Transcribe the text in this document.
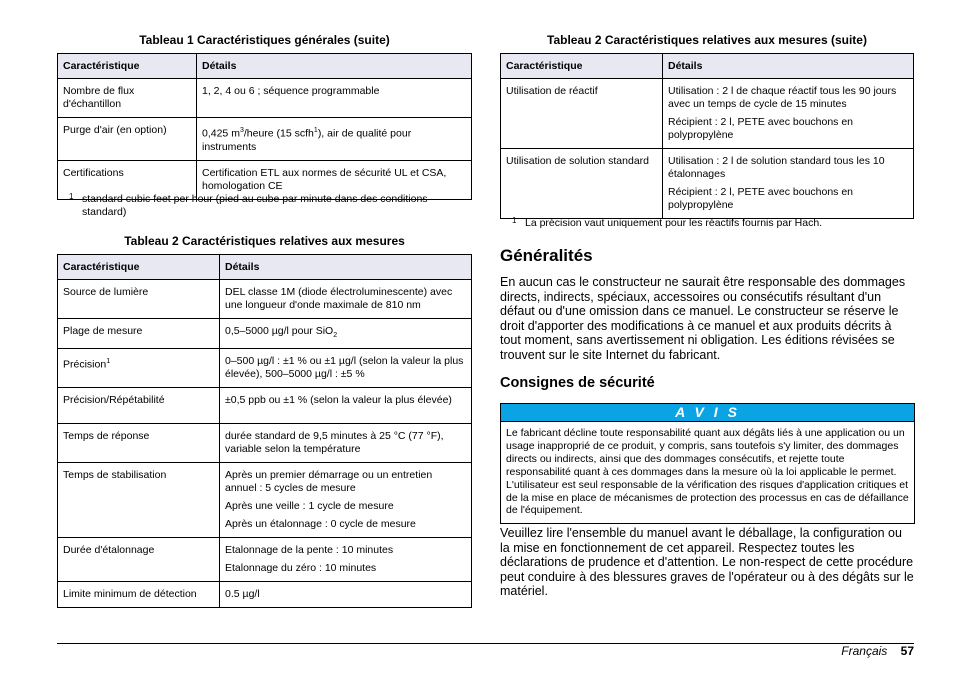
Tableau 1 Caractéristiques générales (suite)

Caractéristique	Détails
Nombre de flux d'échantillon	1, 2, 4 ou 6 ; séquence programmable

Purge d'air (en option)	0,425 $m^3$/heure (15 scfh$^1$), air de qualité pour instruments
Certifications	Certification ETL aux normes de sécurité UL et CSA, homologation CE

1 standard cubic feet per hour (pied au cube par minute dans des conditions standard)

Tableau 2 Caractéristiques relatives aux mesures

Caractéristique	Détails
Source de lumière	DEL classe 1M (diode électroluminescente) avec une longueur d'onde maximale de 810 nm

Plage de mesure	0,5–5000 µg/l pour SiO$_2$
Précision$^1$	0–500 µg/l : ±1 % ou ±1 µg/l (selon la valeur la plus élevée), 500–5000 µg/l : ±5 %

Précision/Répétabilité	±0,5 ppb ou ±1 % (selon la valeur la plus élevée)

Temps de réponse	durée standard de 9,5 minutes à 25 °C (77 °F), variable selon la température

Temps de stabilisation	Après un premier démarrage ou un entretien annuel : 5 cycles de mesure

Après une veille : 1 cycle de mesure

Après un étalonnage : 0 cycle de mesure

Durée d'étalonnage	Etalonnage de la pente : 10 minutes

Etalonnage du zéro : 10 minutes

Limite minimum de détection	0.5 µg/l

Tableau 2 Caractéristiques relatives aux mesures (suite)

Caractéristique	Détails
Utilisation de réactif	Utilisation : 2 l de chaque réactif tous les 90 jours avec un temps de cycle de 15 minutes

Récipient : 2 l, PETE avec bouchons en polypropylène

Utilisation de solution standard	Utilisation : 2 l de solution standard tous les 10 étalonnages

Récipient : 2 l, PETE avec bouchons en polypropylène

1 La précision vaut uniquement pour les réactifs fournis par Hach.
Généralités

En aucun cas le constructeur ne saurait être responsable des dommages directs, indirects, spéciaux, accessoires ou consécutifs résultant d'un défaut ou d'une omission dans ce manuel. Le constructeur se réserve le droit d'apporter des modifications à ce manuel et aux produits décrits à tout moment, sans avertissement ni obligation. Les éditions révisées se trouvent sur le site Internet du fabricant.

Consignes de sécurité
A V I S
Le fabricant décline toute responsabilité quant aux dégâts liés à une application ou un usage inapproprié de ce produit, y compris, sans toutefois s'y limiter, des dommages directs ou indirects, ainsi que des dommages consécutifs, et rejette toute responsabilité quant à ces dommages dans la mesure où la loi applicable le permet. L'utilisateur est seul responsable de la vérification des risques d'application critiques et de la mise en place de mécanismes de protection des processus en cas de défaillance de l'équipement.

Veuillez lire l'ensemble du manuel avant le déballage, la configuration ou la mise en fonctionnement de cet appareil. Respectez toutes les déclarations de prudence et d'attention. Le non-respect de cette procédure peut conduire à des blessures graves de l'opérateur ou à des dégâts sur le matériel.

Français 57
